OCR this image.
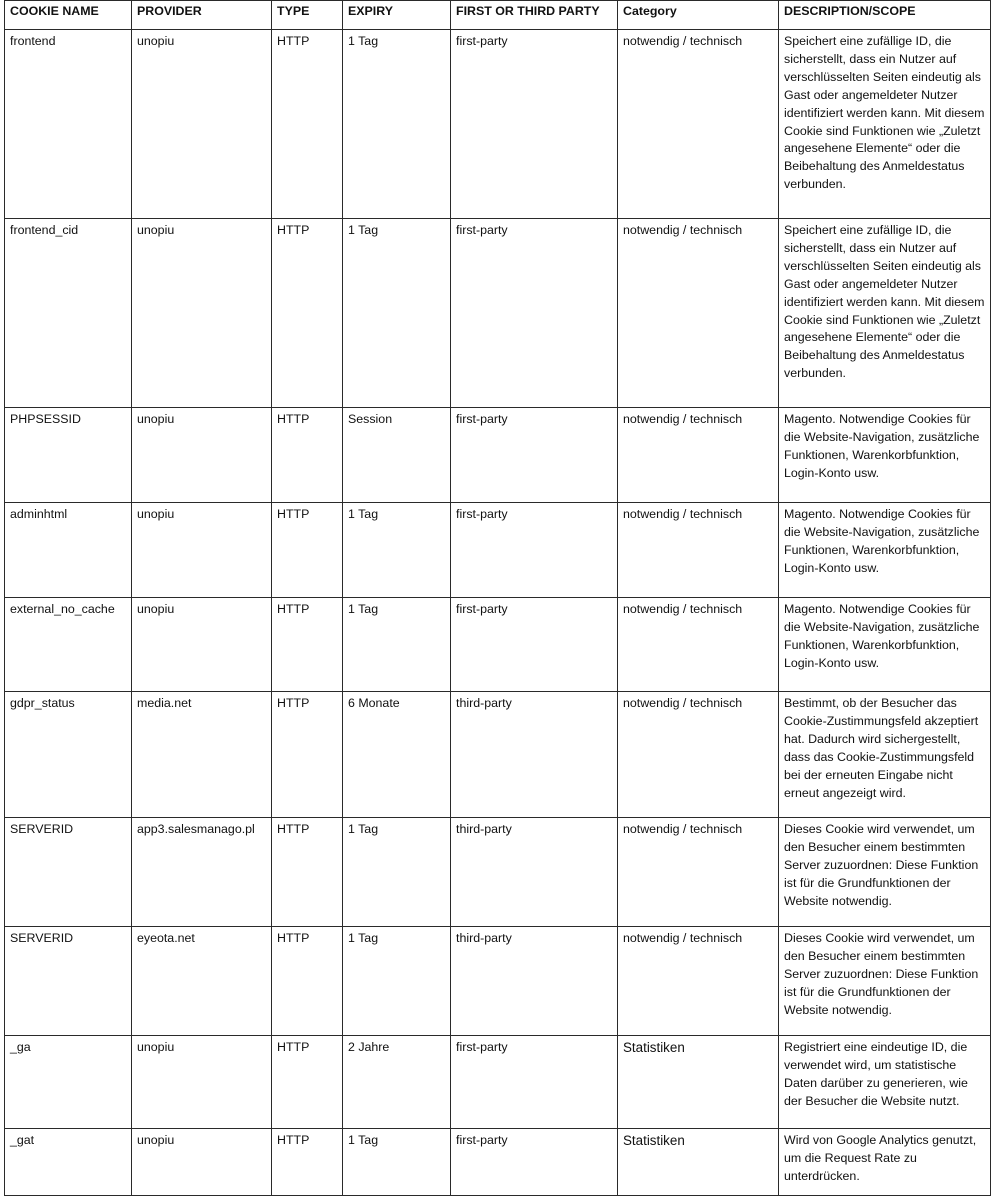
COOKIE NAME	PROVIDER	TYPE	EXPIRY	FIRST OR THIRD PARTY	Category	DESCRIPTION/SCOPE
frontend	unopiu	HTTP	1 Tag	first-party	notwendig / technisch	Speichert eine zufällige ID, die sicherstellt, dass ein Nutzer auf verschlüsselten Seiten eindeutig als Gast oder angemeldeter Nutzer identifiziert werden kann. Mit diesem Cookie sind Funktionen wie „Zuletzt angesehene Elemente“ oder die Beibehaltung des Anmeldestatus verbunden.
frontend_cid	unopiu	HTTP	1 Tag	first-party	notwendig / technisch	Speichert eine zufällige ID, die sicherstellt, dass ein Nutzer auf verschlüsselten Seiten eindeutig als Gast oder angemeldeter Nutzer identifiziert werden kann. Mit diesem Cookie sind Funktionen wie „Zuletzt angesehene Elemente“ oder die Beibehaltung des Anmeldestatus verbunden.
PHPSESSID	unopiu	HTTP	Session	first-party	notwendig / technisch	Magento. Notwendige Cookies für die Website-Navigation, zusätzliche Funktionen, Warenkorbfunktion, Login-Konto usw.
adminhtml	unopiu	HTTP	1 Tag	first-party	notwendig / technisch	Magento. Notwendige Cookies für die Website-Navigation, zusätzliche Funktionen, Warenkorbfunktion, Login-Konto usw.
external_no_cache	unopiu	HTTP	1 Tag	first-party	notwendig / technisch	Magento. Notwendige Cookies für die Website-Navigation, zusätzliche Funktionen, Warenkorbfunktion, Login-Konto usw.
gdpr_status	media.net	HTTP	6 Monate	third-party	notwendig / technisch	Bestimmt, ob der Besucher das Cookie-Zustimmungsfeld akzeptiert hat. Dadurch wird sichergestellt, dass das Cookie-Zustimmungsfeld bei der erneuten Eingabe nicht erneut angezeigt wird.
SERVERID	app3.salesmanago.pl	HTTP	1 Tag	third-party	notwendig / technisch	Dieses Cookie wird verwendet, um den Besucher einem bestimmten Server zuzuordnen: Diese Funktion ist für die Grundfunktionen der Website notwendig.
SERVERID	eyeota.net	HTTP	1 Tag	third-party	notwendig / technisch	Dieses Cookie wird verwendet, um den Besucher einem bestimmten Server zuzuordnen: Diese Funktion ist für die Grundfunktionen der Website notwendig.
_ga	unopiu	HTTP	2 Jahre	first-party	Statistiken	Registriert eine eindeutige ID, die verwendet wird, um statistische Daten darüber zu generieren, wie der Besucher die Website nutzt.
_gat	unopiu	HTTP	1 Tag	first-party	Statistiken	Wird von Google Analytics genutzt, um die Request Rate zu unterdrücken.
